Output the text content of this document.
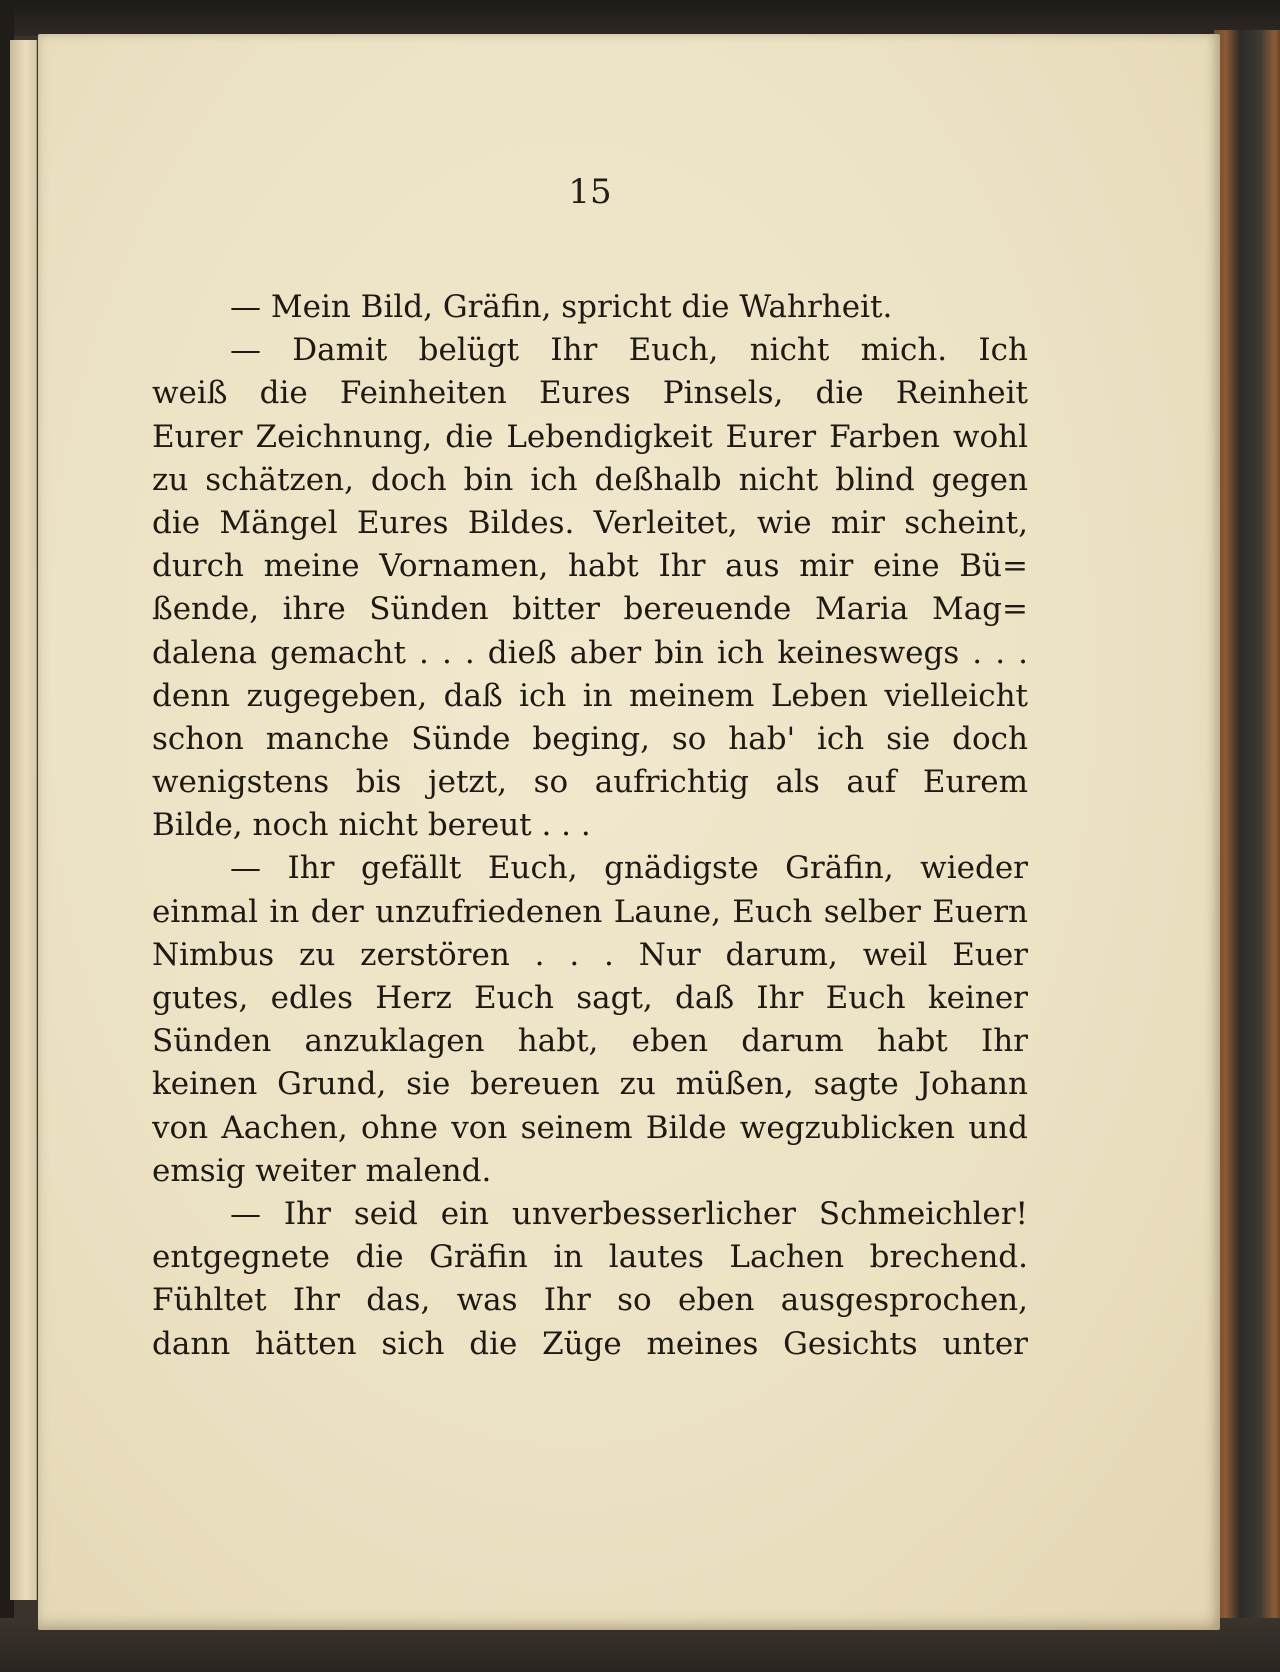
15
— Mein Bild, Gräfin, spricht die Wahrheit.
— Damit belügt Ihr Euch, nicht mich. Ich
weiß die Feinheiten Eures Pinsels, die Reinheit
Eurer Zeichnung, die Lebendigkeit Eurer Farben wohl
zu schätzen, doch bin ich deßhalb nicht blind gegen
die Mängel Eures Bildes. Verleitet, wie mir scheint,
durch meine Vornamen, habt Ihr aus mir eine Bü=
ßende, ihre Sünden bitter bereuende Maria Mag=
dalena gemacht . . . dieß aber bin ich keineswegs . . .
denn zugegeben, daß ich in meinem Leben vielleicht
schon manche Sünde beging, so hab' ich sie doch
wenigstens bis jetzt, so aufrichtig als auf Eurem
Bilde, noch nicht bereut . . .
— Ihr gefällt Euch, gnädigste Gräfin, wieder
einmal in der unzufriedenen Laune, Euch selber Euern
Nimbus zu zerstören . . . Nur darum, weil Euer
gutes, edles Herz Euch sagt, daß Ihr Euch keiner
Sünden anzuklagen habt, eben darum habt Ihr
keinen Grund, sie bereuen zu müßen, sagte Johann
von Aachen, ohne von seinem Bilde wegzublicken und
emsig weiter malend.
— Ihr seid ein unverbesserlicher Schmeichler!
entgegnete die Gräfin in lautes Lachen brechend.
Fühltet Ihr das, was Ihr so eben ausgesprochen,
dann hätten sich die Züge meines Gesichts unter
